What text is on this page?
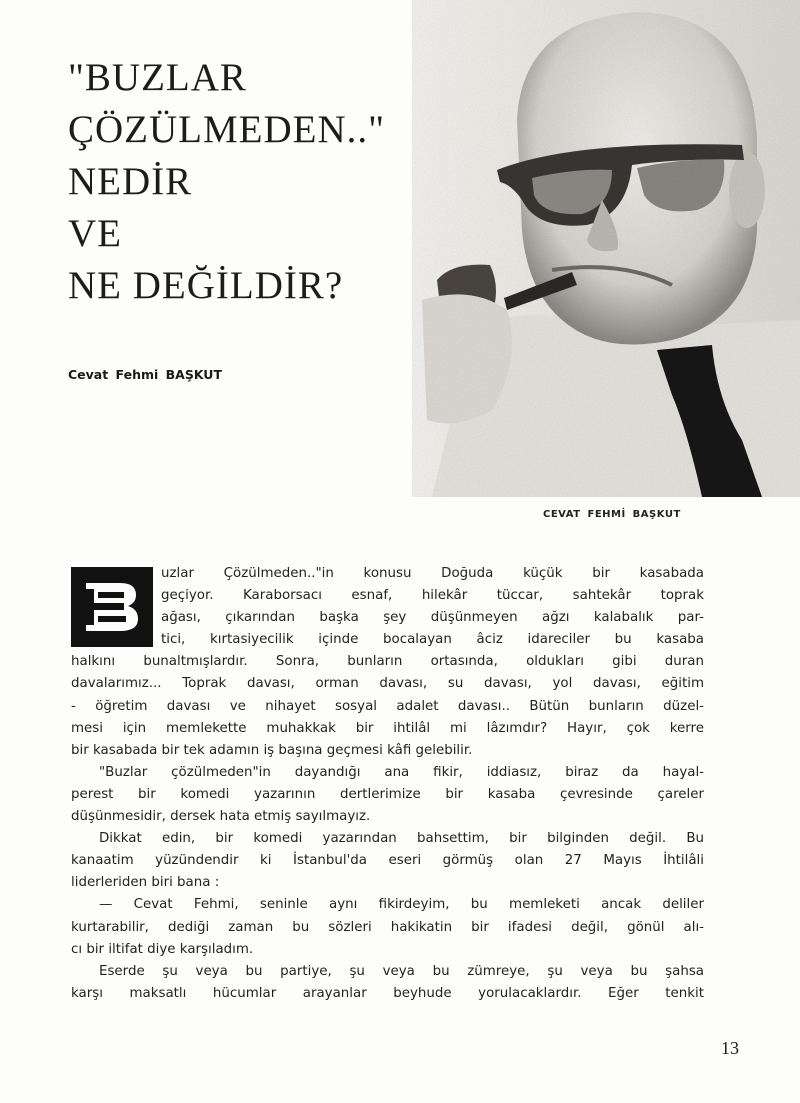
"BUZLAR
ÇÖZÜLMEDEN.."
NEDİR
VE
NE DEĞİLDİR?
Cevat Fehmi BAŞKUT
CEVAT FEHMİ BAŞKUT
uzlar Çözülmeden.."in konusu Doğuda küçük bir kasabada
geçiyor. Karaborsacı esnaf, hilekâr tüccar, sahtekâr toprak
ağası, çıkarından başka şey düşünmeyen ağzı kalabalık par-
tici, kırtasiyecilik içinde bocalayan âciz idareciler bu kasaba
halkını bunaltmışlardır. Sonra, bunların ortasında, oldukları gibi duran
davalarımız... Toprak davası, orman davası, su davası, yol davası, eğitim
- öğretim davası ve nihayet sosyal adalet davası.. Bütün bunların düzel-
mesi için memlekette muhakkak bir ihtilâl mi lâzımdır? Hayır, çok kerre
bir kasabada bir tek adamın iş başına geçmesi kâfi gelebilir.
"Buzlar çözülmeden"in dayandığı ana fikir, iddiasız, biraz da hayal-
perest bir komedi yazarının dertlerimize bir kasaba çevresinde çareler
düşünmesidir, dersek hata etmiş sayılmayız.
Dikkat edin, bir komedi yazarından bahsettim, bir bilginden değil. Bu
kanaatim yüzündendir ki İstanbul'da eseri görmüş olan 27 Mayıs İhtilâli
liderleriden biri bana :
— Cevat Fehmi, seninle aynı fikirdeyim, bu memleketi ancak deliler
kurtarabilir, dediği zaman bu sözleri hakikatin bir ifadesi değil, gönül alı-
cı bir iltifat diye karşıladım.
Eserde şu veya bu partiye, şu veya bu zümreye, şu veya bu şahsa
karşı maksatlı hücumlar arayanlar beyhude yorulacaklardır. Eğer tenkit
13
